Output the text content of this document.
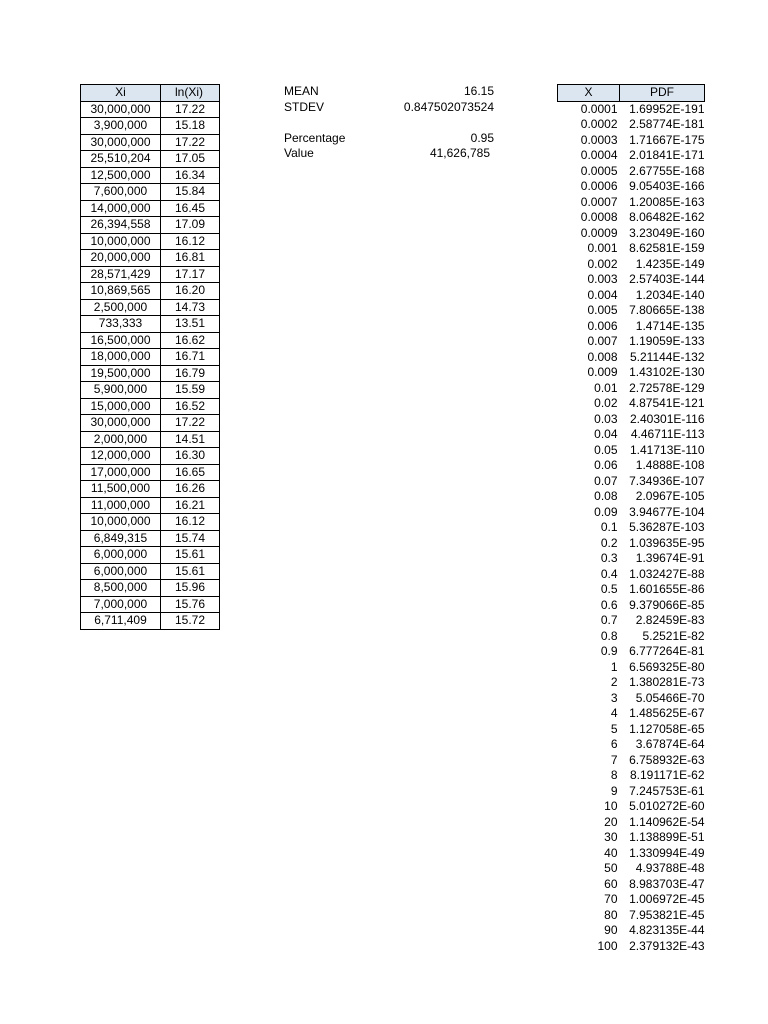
Xi	ln(Xi)
30,000,000	17.22
3,900,000	15.18
30,000,000	17.22
25,510,204	17.05
12,500,000	16.34
7,600,000	15.84
14,000,000	16.45
26,394,558	17.09
10,000,000	16.12
20,000,000	16.81
28,571,429	17.17
10,869,565	16.20
2,500,000	14.73
733,333	13.51
16,500,000	16.62
18,000,000	16.71
19,500,000	16.79
5,900,000	15.59
15,000,000	16.52
30,000,000	17.22
2,000,000	14.51
12,000,000	16.30
17,000,000	16.65
11,500,000	16.26
11,000,000	16.21
10,000,000	16.12
6,849,315	15.74
6,000,000	15.61
6,000,000	15.61
8,500,000	15.96
7,000,000	15.76
6,711,409	15.72
MEAN	16.15
STDEV	0.847502073524
Percentage	0.95
Value	41,626,785
X	PDF
0.0001	1.69952E-191
0.0002	2.58774E-181
0.0003	1.71667E-175
0.0004	2.01841E-171
0.0005	2.67755E-168
0.0006	9.05403E-166
0.0007	1.20085E-163
0.0008	8.06482E-162
0.0009	3.23049E-160
0.001	8.62581E-159
0.002	1.4235E-149
0.003	2.57403E-144
0.004	1.2034E-140
0.005	7.80665E-138
0.006	1.4714E-135
0.007	1.19059E-133
0.008	5.21144E-132
0.009	1.43102E-130
0.01	2.72578E-129
0.02	4.87541E-121
0.03	2.40301E-116
0.04	4.46711E-113
0.05	1.41713E-110
0.06	1.4888E-108
0.07	7.34936E-107
0.08	2.0967E-105
0.09	3.94677E-104
0.1	5.36287E-103
0.2	1.039635E-95
0.3	1.39674E-91
0.4	1.032427E-88
0.5	1.601655E-86
0.6	9.379066E-85
0.7	2.82459E-83
0.8	5.2521E-82
0.9	6.777264E-81
1	6.569325E-80
2	1.380281E-73
3	5.05466E-70
4	1.485625E-67
5	1.127058E-65
6	3.67874E-64
7	6.758932E-63
8	8.191171E-62
9	7.245753E-61
10	5.010272E-60
20	1.140962E-54
30	1.138899E-51
40	1.330994E-49
50	4.93788E-48
60	8.983703E-47
70	1.006972E-45
80	7.953821E-45
90	4.823135E-44
100	2.379132E-43
